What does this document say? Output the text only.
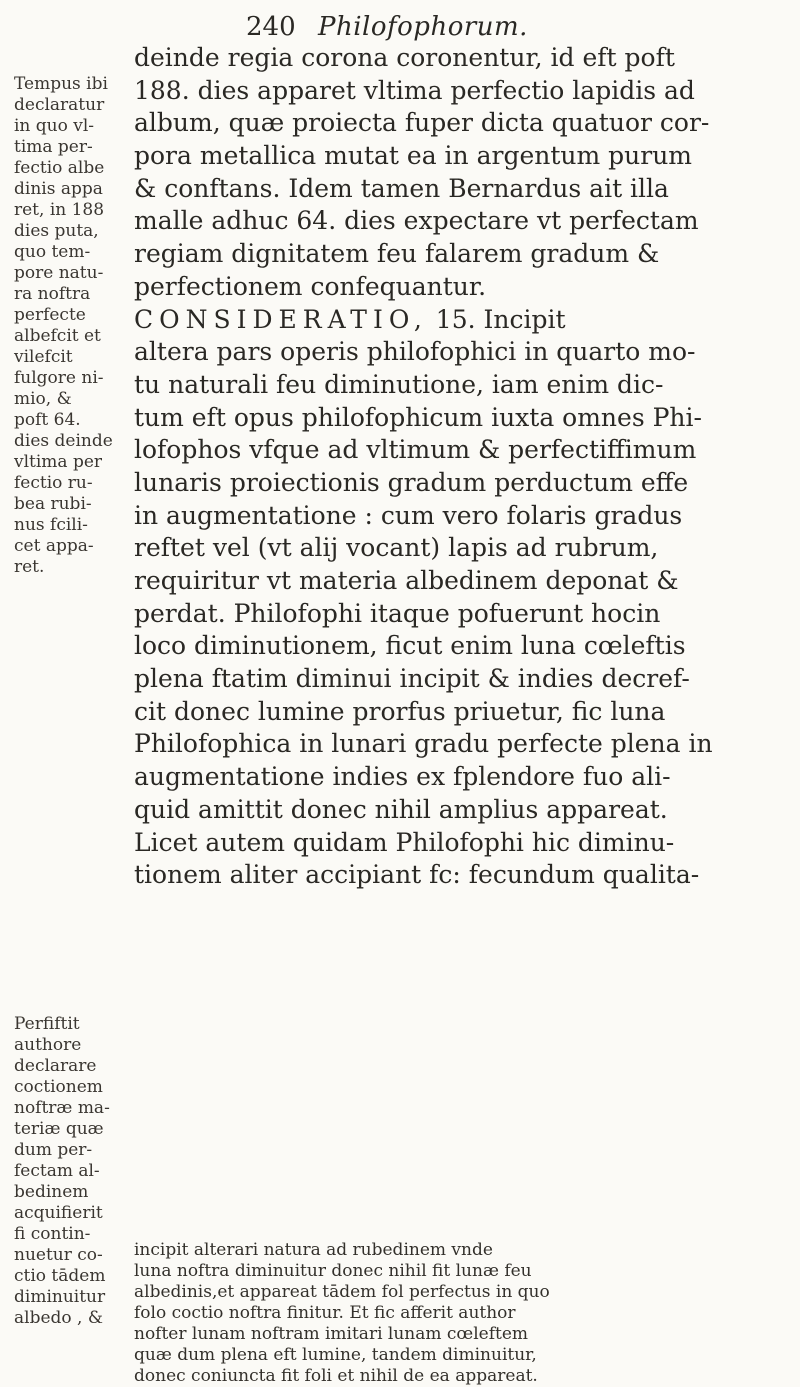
240 Philofophorum.
Tempus ibi
declaratur
in quo vl-
tima per-
fectio albe
dinis appa
ret, in 188
dies puta,
quo tem-
pore natu-
ra noftra
perfecte
albefcit et
vilefcit
fulgore ni-
mio, &
poft 64.
dies deinde
vltima per
fectio ru-
bea rubi-
nus fcili-
cet appa-
ret.
Perfiftit
authore
declarare
coctionem
noftræ ma-
teriæ quæ
dum per-
fectam al-
bedinem
acquifierit
fi contin-
nuetur co-
ctio tādem
diminuitur
albedo , &
deinde regia corona coronentur, id eft poft
188. dies apparet vltima perfectio lapidis ad
album, quæ proiecta fuper dicta quatuor cor-
pora metallica mutat ea in argentum purum
& conftans. Idem tamen Bernardus ait illa
malle adhuc 64. dies expectare vt perfectam
regiam dignitatem feu falarem gradum &
perfectionem confequantur.
CONSIDERATIO, 15. Incipit
altera pars operis philofophici in quarto mo-
tu naturali feu diminutione, iam enim dic-
tum eft opus philofophicum iuxta omnes Phi-
lofophos vfque ad vltimum & perfectiffimum
lunaris proiectionis gradum perductum effe
in augmentatione : cum vero folaris gradus
reftet vel (vt alij vocant) lapis ad rubrum,
requiritur vt materia albedinem deponat &
perdat. Philofophi itaque pofuerunt hocin
loco diminutionem, ficut enim luna cœleftis
plena ftatim diminui incipit & indies decref-
cit donec lumine prorfus priuetur, fic luna
Philofophica in lunari gradu perfecte plena in
augmentatione indies ex fplendore fuo ali-
quid amittit donec nihil amplius appareat.
Licet autem quidam Philofophi hic diminu-
tionem aliter accipiant fc: fecundum qualita-
incipit alterari natura ad rubedinem vnde
luna noftra diminuitur donec nihil fit lunæ feu
albedinis,et appareat tādem fol perfectus in quo
folo coctio noftra finitur. Et fic afferit author
nofter lunam noftram imitari lunam cœleftem
quæ dum plena eft lumine, tandem diminuitur,
donec coniuncta fit foli et nihil de ea appareat.
